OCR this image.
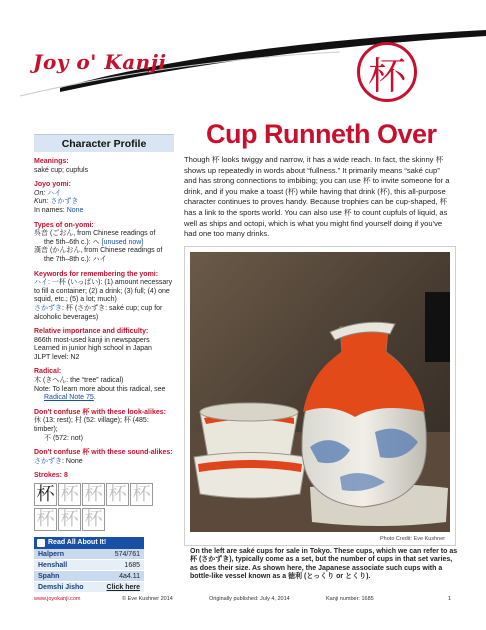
Joy o' Kanji	杯
Character Profile
Meanings:
saké cup; cupfuls
Joyo yomi:
On: ハイ
Kun: さかずき
In names: None
Types of on-yomi:
呉音 (ごおん, from Chinese readings of
the 5th–6th c.): ヘ [unused now]
漢音 (かんおん, from Chinese readings of
the 7th–8th c.): ハイ
Keywords for remembering the yomi:
ハイ: 一杯 (いっぱい): (1) amount necessary to fill a container; (2) a drink; (3) full; (4) one squid, etc.; (5) a lot; much)
さかずき: 杯 (さかずき: saké cup; cup for alcoholic beverages)
Relative importance and difficulty:
866th most-used kanji in newspapers
Learned in junior high school in Japan
JLPT level: N2
Radical:
木 (きへん: the “tree” radical)
Note: To learn more about this radical, see
Radical Note 75.
Don't confuse 杯 with these look-alikes:
休 (13: rest); 村 (52: village); 杯 (485: timber);
不 (572: not)
Don't confuse 杯 with these sound-alikes:
さかずき: None
Strokes: 8
杯 杯 杯 杯 杯
杯 杯 杯
Read All About It!
Halpern	574/761
Henshall	1685
Spahn	4a4.11
Demshi Jisho	Click here
Cup Runneth Over

Though 杯 looks twiggy and narrow, it has a wide reach. In fact, the skinny 杯 shows up repeatedly in words about “fullness.” It primarily means “saké cup” and has strong connections to imbibing; you can use 杯 to invite someone for a drink, and if you make a toast (杯) while having that drink (杯), this all-purpose character continues to proves handy. Because trophies can be cup-shaped, 杯 has a link to the sports world. You can also use 杯 to count cupfuls of liquid, as well as ships and octopi, which is what you might find yourself doing if you've had one too many drinks.

Photo Credit: Eve Kushner
On the left are saké cups for sale in Tokyo. These cups, which we can refer to as 杯 (さかずき), typically come as a set, but the number of cups in that set varies, as does their size. As shown here, the Japanese associate such cups with a bottle-like vessel known as a 徳利 (とっくり or とくり).
www.joyokanji.com	© Eve Kushner 2014	Originally published: July 4, 2014	Kanji number: 1685	1
